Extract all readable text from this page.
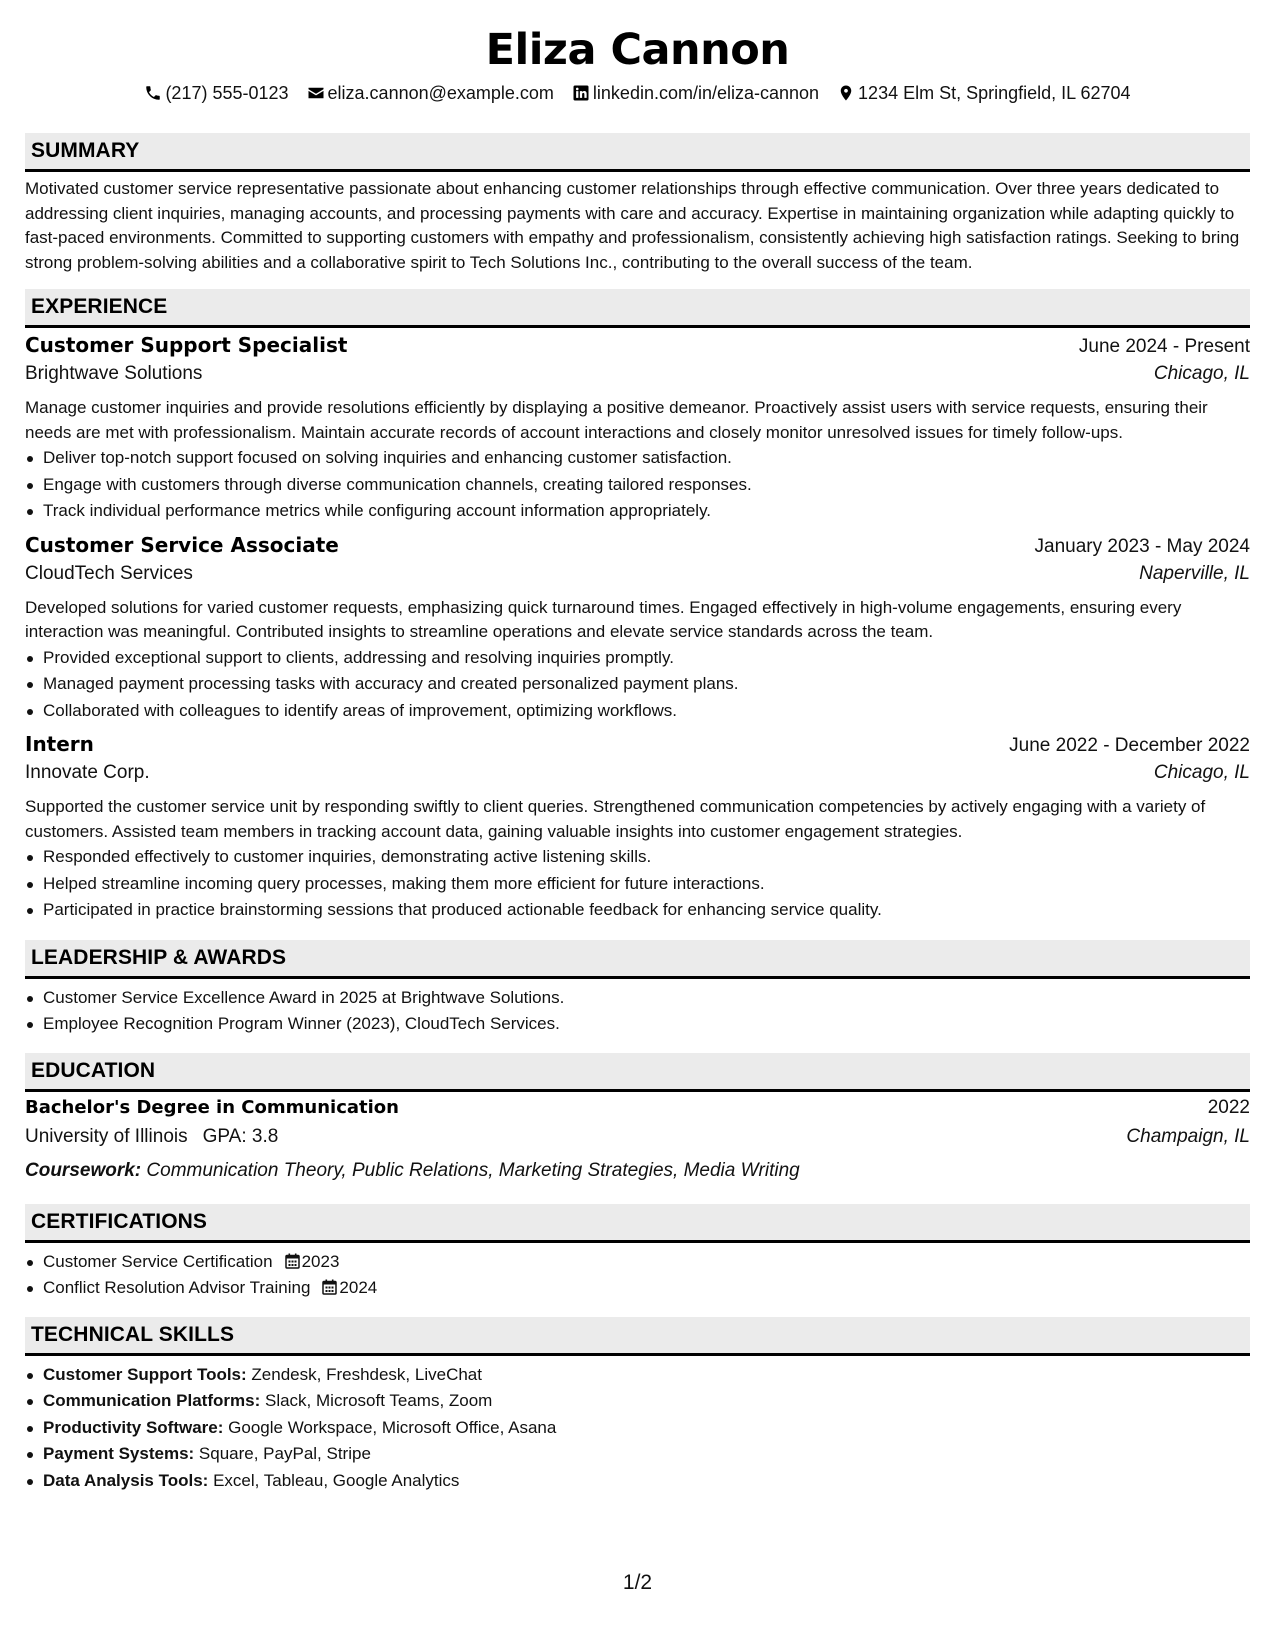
Eliza Cannon
(217) 555-0123 eliza.cannon@example.com linkedin.com/in/eliza-cannon 1234 Elm St, Springfield, IL 62704
SUMMARY

Motivated customer service representative passionate about enhancing customer relationships through effective communication. Over three years dedicated to addressing client inquiries, managing accounts, and processing payments with care and accuracy. Expertise in maintaining organization while adapting quickly to fast-paced environments. Committed to supporting customers with empathy and professionalism, consistently achieving high satisfaction ratings. Seeking to bring strong problem-solving abilities and a collaborative spirit to Tech Solutions Inc., contributing to the overall success of the team.

EXPERIENCE
Customer Support Specialist	June 2024 - Present
Brightwave Solutions	Chicago, IL

Manage customer inquiries and provide resolutions efficiently by displaying a positive demeanor. Proactively assist users with service requests, ensuring their needs are met with professionalism. Maintain accurate records of account interactions and closely monitor unresolved issues for timely follow-ups.

Deliver top-notch support focused on solving inquiries and enhancing customer satisfaction.
Engage with customers through diverse communication channels, creating tailored responses.
Track individual performance metrics while configuring account information appropriately.
Customer Service Associate	January 2023 - May 2024
CloudTech Services	Naperville, IL

Developed solutions for varied customer requests, emphasizing quick turnaround times. Engaged effectively in high-volume engagements, ensuring every interaction was meaningful. Contributed insights to streamline operations and elevate service standards across the team.

Provided exceptional support to clients, addressing and resolving inquiries promptly.
Managed payment processing tasks with accuracy and created personalized payment plans.
Collaborated with colleagues to identify areas of improvement, optimizing workflows.
Intern	June 2022 - December 2022
Innovate Corp.	Chicago, IL

Supported the customer service unit by responding swiftly to client queries. Strengthened communication competencies by actively engaging with a variety of customers. Assisted team members in tracking account data, gaining valuable insights into customer engagement strategies.

Responded effectively to customer inquiries, demonstrating active listening skills.
Helped streamline incoming query processes, making them more efficient for future interactions.
Participated in practice brainstorming sessions that produced actionable feedback for enhancing service quality.
LEADERSHIP & AWARDS
Customer Service Excellence Award in 2025 at Brightwave Solutions.
Employee Recognition Program Winner (2023), CloudTech Services.
EDUCATION
Bachelor's Degree in Communication	2022
University of Illinois GPA: 3.8	Champaign, IL
Coursework: Communication Theory, Public Relations, Marketing Strategies, Media Writing
CERTIFICATIONS
Customer Service Certification 2023
Conflict Resolution Advisor Training 2024
TECHNICAL SKILLS
Customer Support Tools: Zendesk, Freshdesk, LiveChat
Communication Platforms: Slack, Microsoft Teams, Zoom
Productivity Software: Google Workspace, Microsoft Office, Asana
Payment Systems: Square, PayPal, Stripe
Data Analysis Tools: Excel, Tableau, Google Analytics
1/2
